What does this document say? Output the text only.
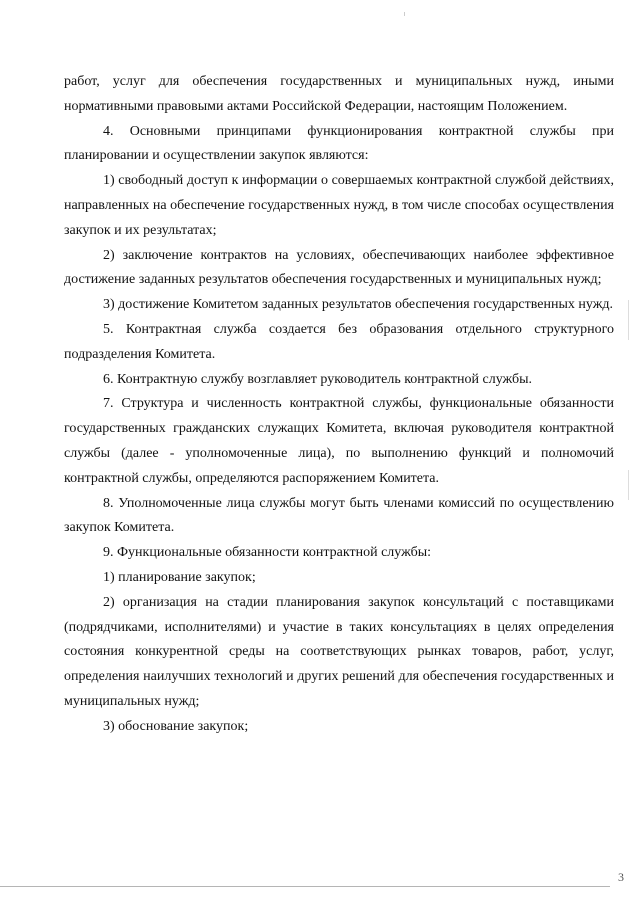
работ, услуг для обеспечения государственных и муниципальных нужд, иными нормативными правовыми актами Российской Федерации, настоящим Положением.

4. Основными принципами функционирования контрактной службы при планировании и осуществлении закупок являются:

1) свободный доступ к информации о совершаемых контрактной службой действиях, направленных на обеспечение государственных нужд, в том числе способах осуществления закупок и их результатах;

2) заключение контрактов на условиях, обеспечивающих наиболее эффективное достижение заданных результатов обеспечения государственных и муниципальных нужд;

3) достижение Комитетом заданных результатов обеспечения государственных нужд.

5. Контрактная служба создается без образования отдельного структурного подразделения Комитета.

6. Контрактную службу возглавляет руководитель контрактной службы.

7. Структура и численность контрактной службы, функциональные обязанности государственных гражданских служащих Комитета, включая руководителя контрактной службы (далее - уполномоченные лица), по выполнению функций и полномочий контрактной службы, определяются распоряжением Комитета.

8. Уполномоченные лица службы могут быть членами комиссий по осуществлению закупок Комитета.

9. Функциональные обязанности контрактной службы:

1) планирование закупок;

2) организация на стадии планирования закупок консультаций с поставщиками (подрядчиками, исполнителями) и участие в таких консультациях в целях определения состояния конкурентной среды на соответствующих рынках товаров, работ, услуг, определения наилучших технологий и других решений для обеспечения государственных и муниципальных нужд;

3) обоснование закупок;

3
